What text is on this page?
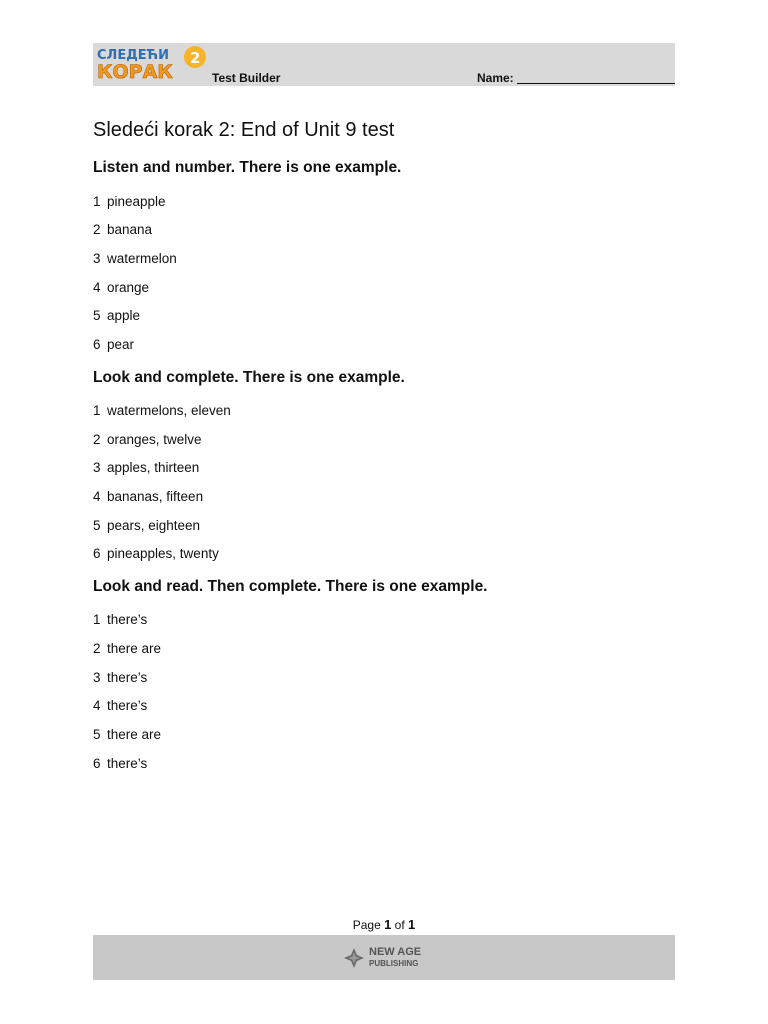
СЛЕДЕЋИ
КОРАК
2
Test Builder	Name:
Sledeći korak 2: End of Unit 9 test
Listen and number. There is one example.
1 pineapple
2 banana
3 watermelon
4 orange
5 apple
6 pear
Look and complete. There is one example.
1 watermelons, eleven
2 oranges, twelve
3 apples, thirteen
4 bananas, fifteen
5 pears, eighteen
6 pineapples, twenty
Look and read. Then complete. There is one example.
1 there’s
2 there are
3 there’s
4 there’s
5 there are
6 there’s
Page 1 of 1
NEW AGE
PUBLISHING
